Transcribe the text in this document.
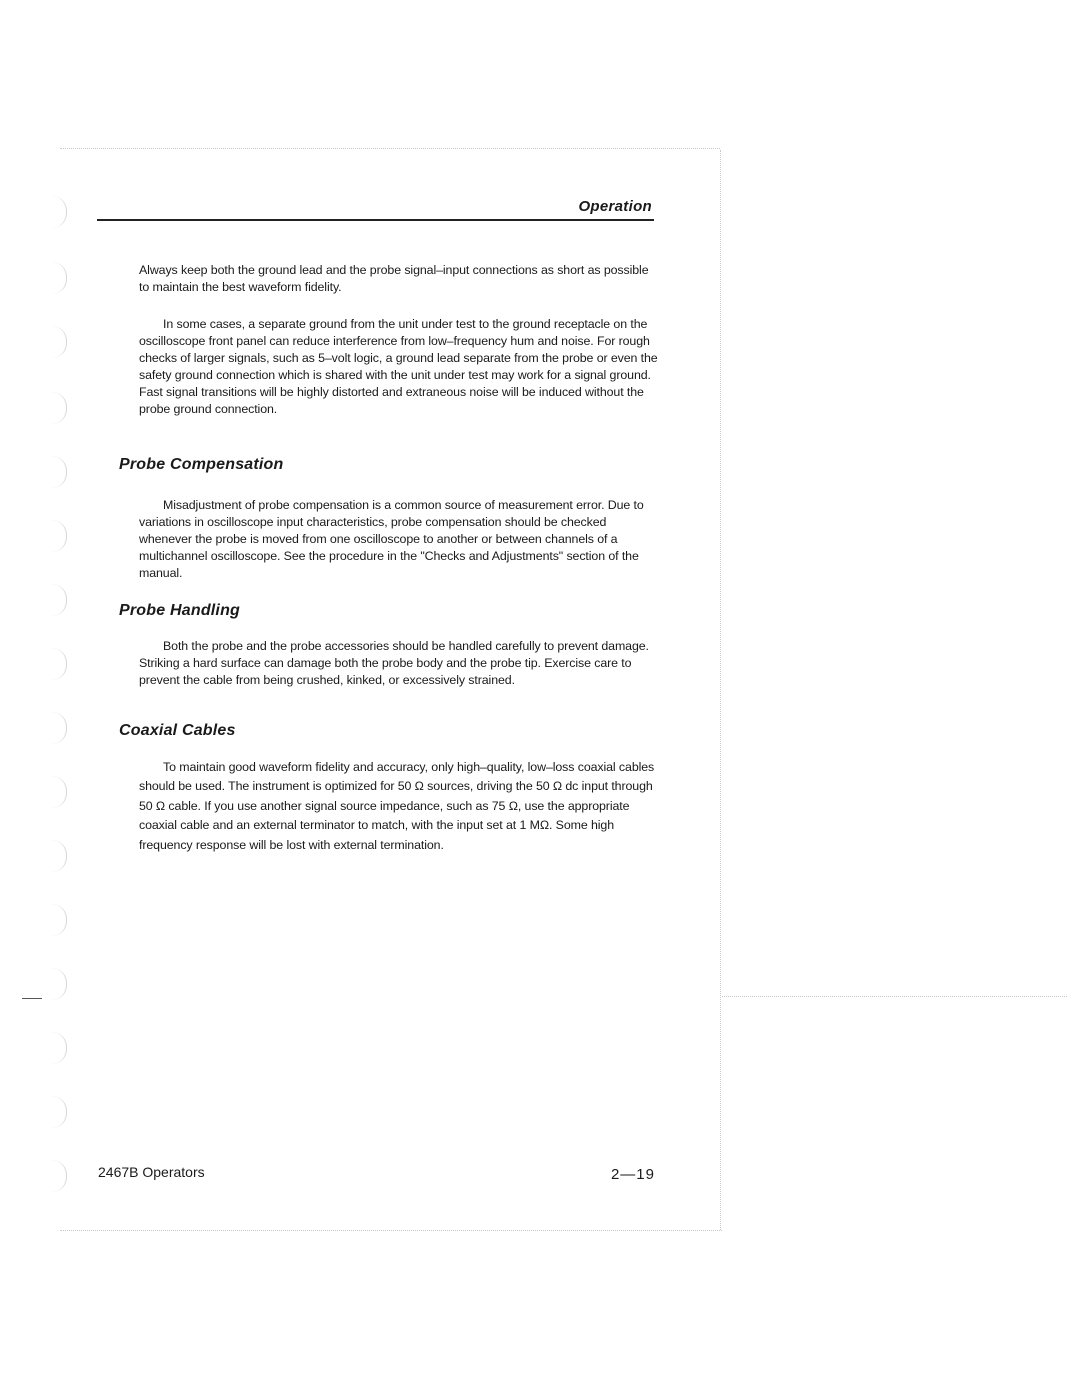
Operation

Always keep both the ground lead and the probe signal–input connections as short as possible to maintain the best waveform fidelity.

In some cases, a separate ground from the unit under test to the ground receptacle on the oscilloscope front panel can reduce interference from low–frequency hum and noise. For rough checks of larger signals, such as 5–volt logic, a ground lead separate from the probe or even the safety ground connection which is shared with the unit under test may work for a signal ground. Fast signal transitions will be highly distorted and extraneous noise will be induced without the probe ground connection.

Probe Compensation

Misadjustment of probe compensation is a common source of measurement error. Due to variations in oscilloscope input characteristics, probe compensation should be checked whenever the probe is moved from one oscilloscope to another or between channels of a multichannel oscilloscope. See the procedure in the "Checks and Adjustments" section of the manual.

Probe Handling

Both the probe and the probe accessories should be handled carefully to prevent damage. Striking a hard surface can damage both the probe body and the probe tip. Exercise care to prevent the cable from being crushed, kinked, or excessively strained.

Coaxial Cables

To maintain good waveform fidelity and accuracy, only high–quality, low–loss coaxial cables should be used. The instrument is optimized for 50 Ω sources, driving the 50 Ω dc input through 50 Ω cable. If you use another signal source impedance, such as 75 Ω, use the appropriate coaxial cable and an external terminator to match, with the input set at 1 MΩ. Some high frequency response will be lost with external termination.

2467B Operators	2—19
